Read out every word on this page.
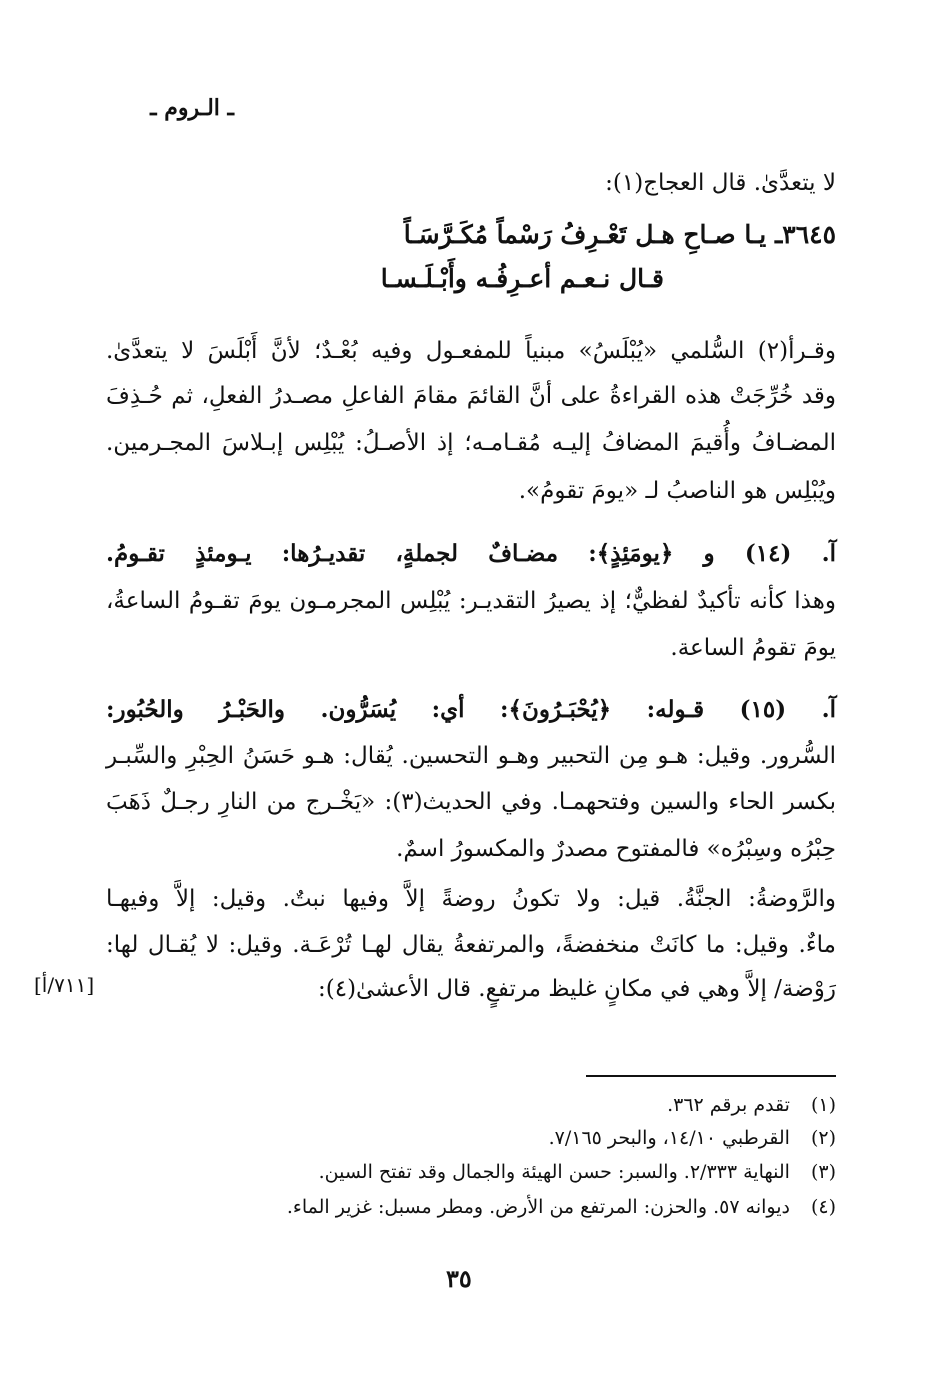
ـ الـروم ـ
لا يتعدَّىٰ. قال العجاج(١):
٣٦٤٥ـ يـا صـاحِ هـل تَعْـرِفُ رَسْماً مُكَـرَّسَـاً
قـال نـعـم أعـرِفُـه وأَبْـلَـسـا
وقـرأ(٢) السُّلمي «يُبْلَسُ» مبنياً للمفعـول وفيه بُعْـدٌ؛ لأنَّ أَبْلَسَ لا يتعدَّىٰ.
وقد خُرِّجَتْ هذه القراءةُ على أنَّ القائمَ مقامَ الفاعلِ مصـدرُ الفعلِ، ثم حُـذِفَ
المضـافُ وأُقيمَ المضافُ إليـه مُقـامـه؛ إذ الأصـلُ: يُبْلِس إبـلاسَ المجـرمين.
ويُبْلِس هو الناصبُ لـ «يومَ تقومُ».
آ. (١٤) و ﴿يومَئِذٍ﴾: مضـافٌ لجملةٍ، تقديـرُها: يـومئذٍ تقـومُ.
وهذا كأنه تأكيدٌ لفظيٌّ؛ إذ يصيرُ التقديـر: يُبْلِس المجرمـون يومَ تقـومُ الساعةُ،
يومَ تقومُ الساعة.
آ. (١٥) قـوله: ﴿يُحْبَـرُونَ﴾: أي: يُسَرُّون. والحَبْـرُ والحُبُور:
السُّرور. وقيل: هـو مِن التحبير وهـو التحسين. يُقال: هـو حَسَنُ الحِبْرِ والسِّبـر
بكسر الحاء والسين وفتحهمـا. وفي الحديث(٣): «يَخْـرج من النارِ رجـلٌ ذَهَبَ
حِبْرُه وسِبْرُه» فالمفتوح مصدرٌ والمكسورُ اسمٌ.
والرَّوضةُ: الجنَّةُ. قيل: ولا تكونُ روضةً إلاَّ وفيها نبتٌ. وقيل: إلاَّ وفيهـا
ماءٌ. وقيل: ما كانَتْ منخفضةً، والمرتفعةُ يقال لهـا تُرْعَـة. وقيل: لا يُقـال لها:
رَوْضة/ إلاَّ وهي في مكانٍ غليظ مرتفعٍ. قال الأعشىٰ(٤):
[٧١١/أ]
(١) تقدم برقم ٣٦٢.
(٢) القرطبي ١٤/١٠، والبحر ٧/١٦٥.
(٣) النهاية ٢/٣٣٣. والسبر: حسن الهيئة والجمال وقد تفتح السين.
(٤) ديوانه ٥٧. والحزن: المرتفع من الأرض. ومطر مسبل: غزير الماء.
٣٥
